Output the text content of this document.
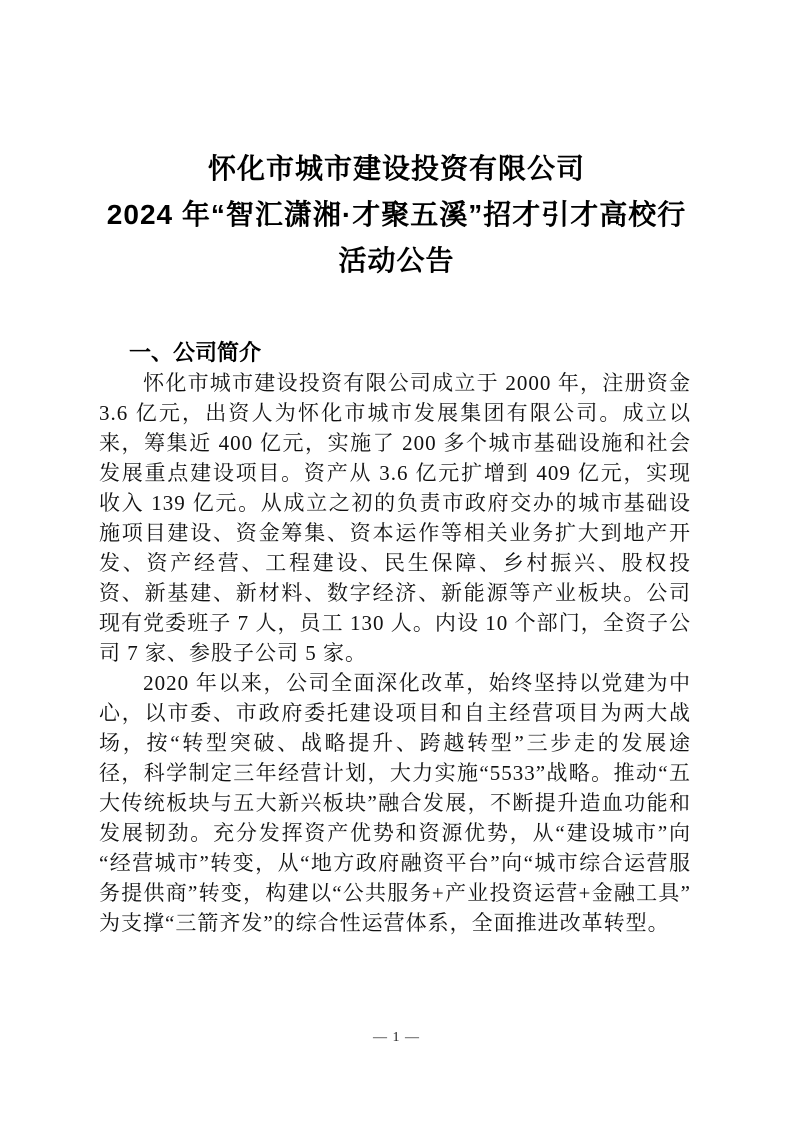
怀化市城市建设投资有限公司
2024 年“智汇潇湘·才聚五溪”招才引才高校行
活动公告
一、公司简介

怀化市城市建设投资有限公司成立于 2000 年，注册资金 3.6 亿元，出资人为怀化市城市发展集团有限公司。成立以来，筹集近 400 亿元，实施了 200 多个城市基础设施和社会发展重点建设项目。资产从 3.6 亿元扩增到 409 亿元，实现收入 139 亿元。从成立之初的负责市政府交办的城市基础设施项目建设、资金筹集、资本运作等相关业务扩大到地产开发、资产经营、工程建设、民生保障、乡村振兴、股权投资、新基建、新材料、数字经济、新能源等产业板块。公司现有党委班子 7 人，员工 130 人。内设 10 个部门，全资子公司 7 家、参股子公司 5 家。

2020 年以来，公司全面深化改革，始终坚持以党建为中心，以市委、市政府委托建设项目和自主经营项目为两大战场，按“转型突破、战略提升、跨越转型”三步走的发展途径，科学制定三年经营计划，大力实施“5533”战略。推动“五大传统板块与五大新兴板块”融合发展，不断提升造血功能和发展韧劲。充分发挥资产优势和资源优势，从“建设城市”向“经营城市”转变，从“地方政府融资平台”向“城市综合运营服务提供商”转变，构建以“公共服务+产业投资运营+金融工具”为支撑“三箭齐发”的综合性运营体系，全面推进改革转型。

— 1 —
